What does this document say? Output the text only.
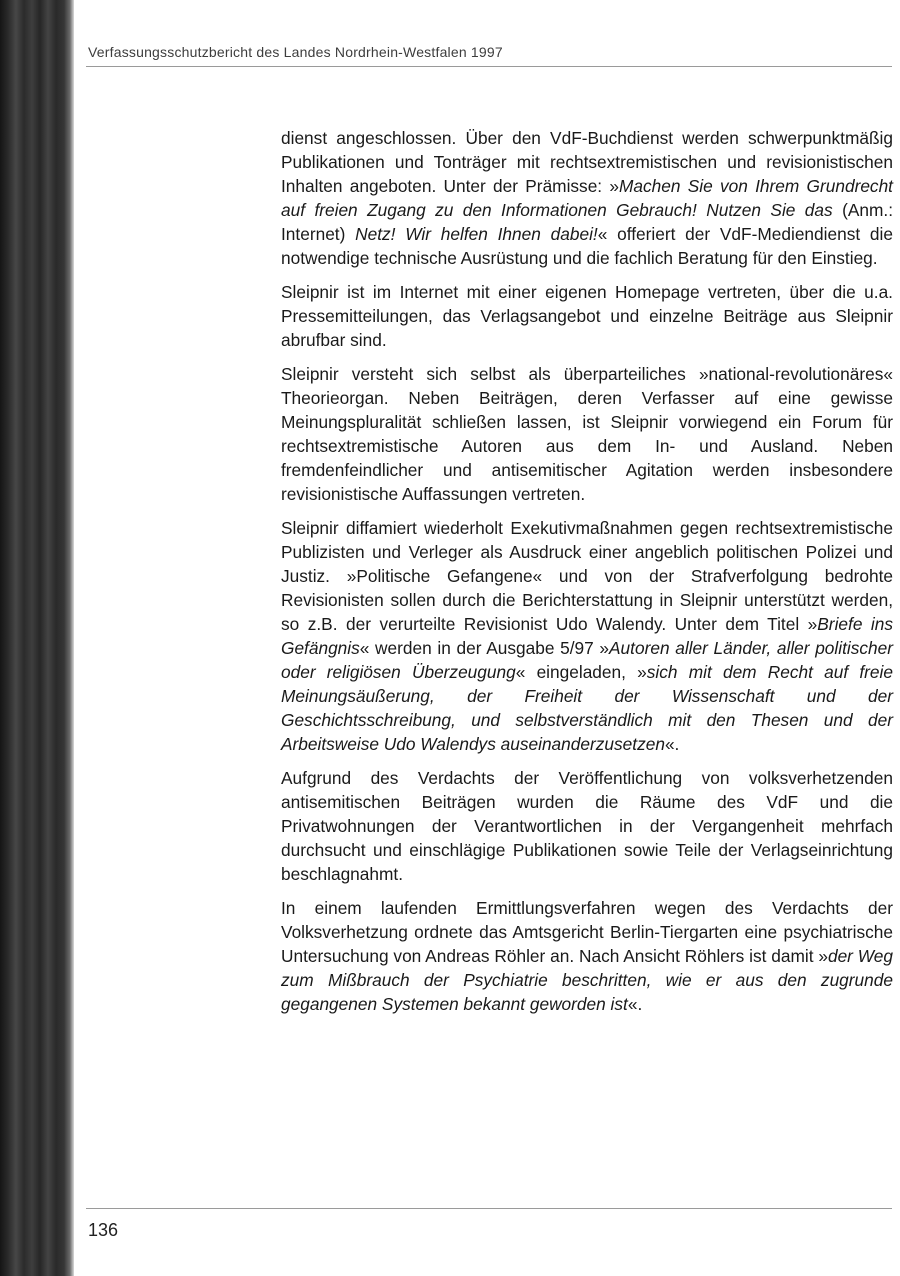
Verfassungsschutzbericht des Landes Nordrhein-Westfalen 1997

dienst angeschlossen. Über den VdF-Buchdienst werden schwerpunktmäßig Publikationen und Tonträger mit rechtsextremistischen und revisionistischen Inhalten angeboten. Unter der Prämisse: »Machen Sie von Ihrem Grundrecht auf freien Zugang zu den Informationen Gebrauch! Nutzen Sie das (Anm.: Internet) Netz! Wir helfen Ihnen dabei!« offeriert der VdF-Mediendienst die notwendige technische Ausrüstung und die fachlich Beratung für den Einstieg.

Sleipnir ist im Internet mit einer eigenen Homepage vertreten, über die u.a. Pressemitteilungen, das Verlagsangebot und einzelne Beiträge aus Sleipnir abrufbar sind.

Sleipnir versteht sich selbst als überparteiliches »national-revolutionäres« Theorieorgan. Neben Beiträgen, deren Verfasser auf eine gewisse Meinungspluralität schließen lassen, ist Sleipnir vorwiegend ein Forum für rechtsextremistische Autoren aus dem In- und Ausland. Neben fremdenfeindlicher und antisemitischer Agitation werden insbesondere revisionistische Auffassungen vertreten.

Sleipnir diffamiert wiederholt Exekutivmaßnahmen gegen rechtsextremistische Publizisten und Verleger als Ausdruck einer angeblich politischen Polizei und Justiz. »Politische Gefangene« und von der Strafverfolgung bedrohte Revisionisten sollen durch die Berichterstattung in Sleipnir unterstützt werden, so z.B. der verurteilte Revisionist Udo Walendy. Unter dem Titel »Briefe ins Gefängnis« werden in der Ausgabe 5/97 »Autoren aller Länder, aller politischer oder religiösen Überzeugung« eingeladen, »sich mit dem Recht auf freie Meinungsäußerung, der Freiheit der Wissenschaft und der Geschichtsschreibung, und selbstverständlich mit den Thesen und der Arbeitsweise Udo Walendys auseinanderzusetzen«.

Aufgrund des Verdachts der Veröffentlichung von volksverhetzenden antisemitischen Beiträgen wurden die Räume des VdF und die Privatwohnungen der Verantwortlichen in der Vergangenheit mehrfach durchsucht und einschlägige Publikationen sowie Teile der Verlagseinrichtung beschlagnahmt.

In einem laufenden Ermittlungsverfahren wegen des Verdachts der Volksverhetzung ordnete das Amtsgericht Berlin-Tiergarten eine psychiatrische Untersuchung von Andreas Röhler an. Nach Ansicht Röhlers ist damit »der Weg zum Mißbrauch der Psychiatrie beschritten, wie er aus den zugrunde gegangenen Systemen bekannt geworden ist«.

136
